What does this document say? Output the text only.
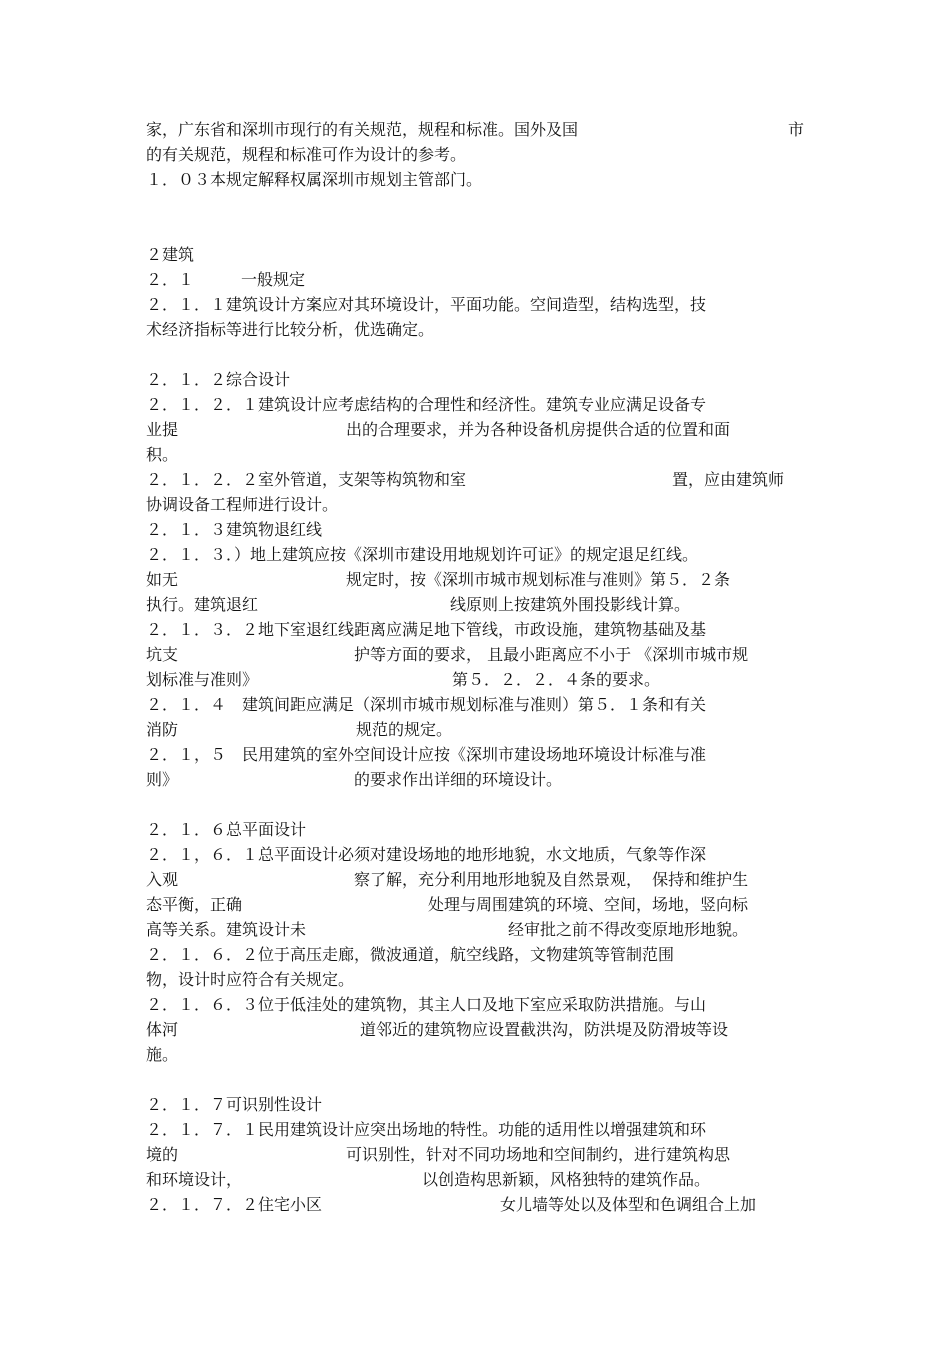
家，广东省和深圳市现行的有关规范，规程和标准。国外及国	市
的有关规范，规程和标准可作为设计的参考。
１．０３本规定解释权属深圳市规划主管部门。
２建筑
２．１	一般规定
２．１．１建筑设计方案应对其环境设计，平面功能。空间造型，结构选型，技
术经济指标等进行比较分析，优选确定。
２．１．２综合设计
２．１．２．１建筑设计应考虑结构的合理性和经济性。建筑专业应满足设备专
业提	出的合理要求，并为各种设备机房提供合适的位置和面
积。
２．１．２．２室外管道，支架等构筑物和室	置，应由建筑师
协调设备工程师进行设计。
２．１．３建筑物退红线
２．１．３．）地上建筑应按《深圳市建设用地规划许可证》的规定退足红线。
如无	规定时，按《深圳市城市规划标准与准则》第５．２条
执行。建筑退红	线原则上按建筑外围投影线计算。
２．１．３．２地下室退红线距离应满足地下管线，市政设施，建筑物基础及基
坑支	护等方面的要求， 且最小距离应不小于 《深圳市城市规
划标准与准则》	第５．２．２．４条的要求。
２．１．４　建筑间距应满足（深圳市城市规划标准与准则）第５．１条和有关
消防	规范的规定。
２．１，５　民用建筑的室外空间设计应按《深圳市建设场地环境设计标准与准
则》	的要求作出详细的环境设计。
２．１．６总平面设计
２．１，６．１总平面设计必须对建设场地的地形地貌，水文地质，气象等作深
入观	察了解，充分利用地形地貌及自然景观，  保持和维护生
态平衡，正确	处理与周围建筑的环境、空间，场地，竖向标
高等关系。建筑设计未	经审批之前不得改变原地形地貌。
２．１．６．２位于高压走廊，微波通道，航空线路，文物建筑等管制范围
物，设计时应符合有关规定。
２．１．６．３位于低洼处的建筑物，其主人口及地下室应采取防洪措施。与山
体河	道邻近的建筑物应设置截洪沟，防洪堤及防滑坡等设
施。
２．１．７可识别性设计
２．１．７．１民用建筑设计应突出场地的特性。功能的适用性以增强建筑和环
境的	可识别性，针对不同功场地和空间制约，进行建筑构思
和环境设计，	以创造构思新颖，风格独特的建筑作品。
２．１．７．２住宅小区	女儿墙等处以及体型和色调组合上加
